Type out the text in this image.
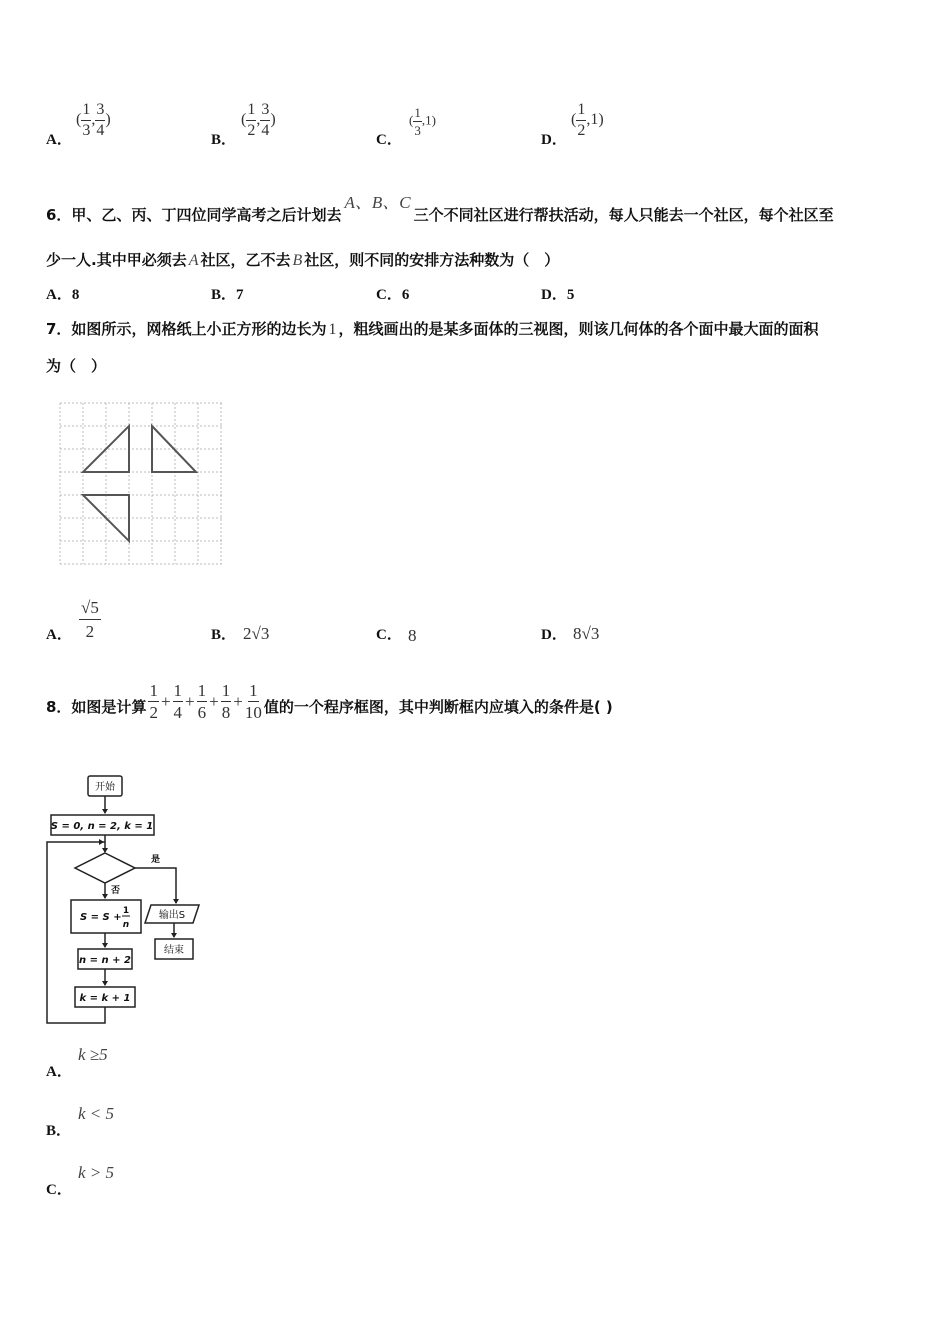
A．
( $\frac{1}{3}$ , $\frac{3}{4}$ )
B．
( $\frac{1}{2}$ , $\frac{3}{4}$ )
C．
( $\frac{1}{3} ,1$)
D．
( $\frac{1}{2} ,1$)
6．甲、乙、丙、丁四位同学高考之后计划去A、B、C三个不同社区进行帮扶活动，每人只能去一个社区，每个社区至
少一人.其中甲必须去 A 社区，乙不去 B 社区，则不同的安排方法种数为（　）
A．8	B．7	C．6	D．5
7．如图所示，网格纸上小正方形的边长为 1 ，粗线画出的是某多面体的三视图，则该几何体的各个面中最大面的面积
为（　）
A． $\frac{√5}{2}$	B． 2√3	C． 8	D． 8√3
8．如图是计算 $\frac{1}{2} + \frac{1}{4} + \frac{1}{6} + \frac{1}{8} + \frac{1}{10}$ 值的一个程序框图，其中判断框内应填入的条件是( )
开始
S = 0, n = 2, k = 1
是
否
S = S +
1
n
输出S
结束
n = n + 2
k = k + 1
A．
k ≥5
B．
k < 5
C．
k > 5
